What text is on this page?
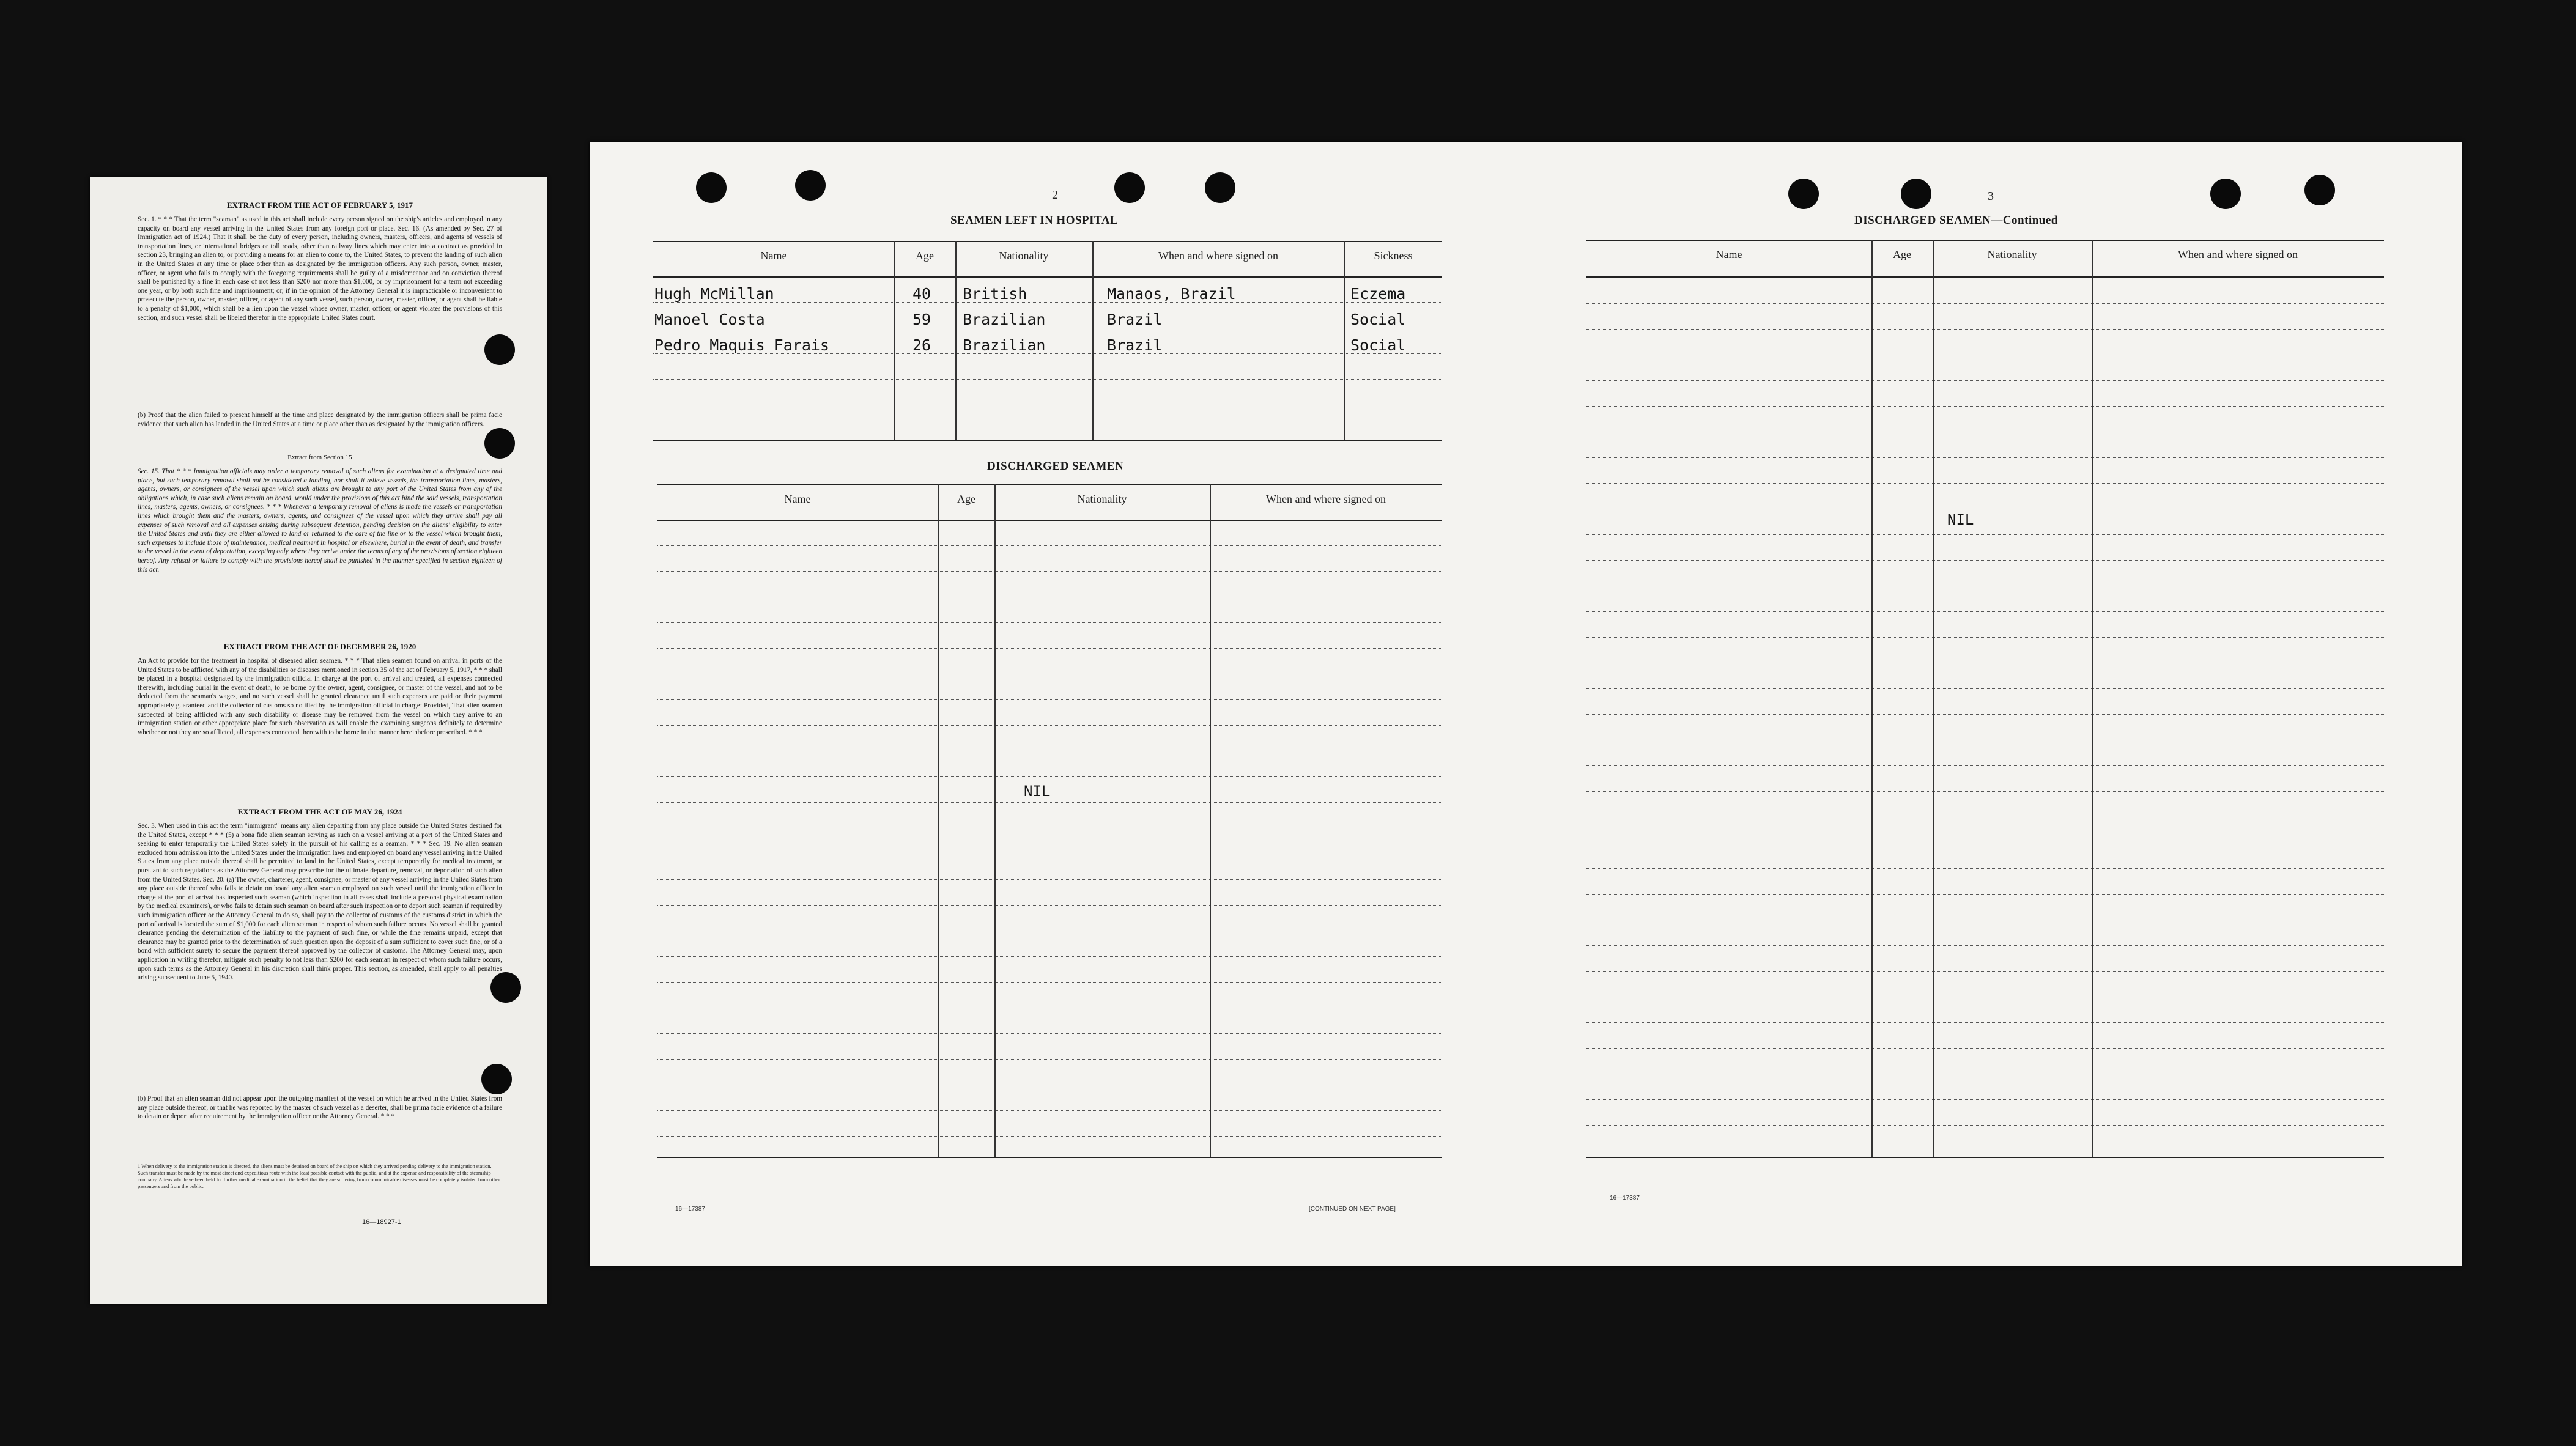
EXTRACT FROM THE ACT OF FEBRUARY 5, 1917
Sec. 1. * * * That the term "seaman" as used in this act shall include every person signed on the ship's articles and employed in any capacity on board any vessel arriving in the United States from any foreign port or place. Sec. 16. (As amended by Sec. 27 of Immigration act of 1924.) That it shall be the duty of every person, including owners, masters, officers, and agents of vessels of transportation lines, or international bridges or toll roads, other than railway lines which may enter into a contract as provided in section 23, bringing an alien to, or providing a means for an alien to come to, the United States, to prevent the landing of such alien in the United States at any time or place other than as designated by the immigration officers. Any such person, owner, master, officer, or agent who fails to comply with the foregoing requirements shall be guilty of a misdemeanor and on conviction thereof shall be punished by a fine in each case of not less than $200 nor more than $1,000, or by imprisonment for a term not exceeding one year, or by both such fine and imprisonment; or, if in the opinion of the Attorney General it is impracticable or inconvenient to prosecute the person, owner, master, officer, or agent of any such vessel, such person, owner, master, officer, or agent shall be liable to a penalty of $1,000, which shall be a lien upon the vessel whose owner, master, officer, or agent violates the provisions of this section, and such vessel shall be libeled therefor in the appropriate United States court.
(b) Proof that the alien failed to present himself at the time and place designated by the immigration officers shall be prima facie evidence that such alien has landed in the United States at a time or place other than as designated by the immigration officers.
Extract from Section 15
Sec. 15. That * * * Immigration officials may order a temporary removal of such aliens for examination at a designated time and place, but such temporary removal shall not be considered a landing, nor shall it relieve vessels, the transportation lines, masters, agents, owners, or consignees of the vessel upon which such aliens are brought to any port of the United States from any of the obligations which, in case such aliens remain on board, would under the provisions of this act bind the said vessels, transportation lines, masters, agents, owners, or consignees. * * * Whenever a temporary removal of aliens is made the vessels or transportation lines which brought them and the masters, owners, agents, and consignees of the vessel upon which they arrive shall pay all expenses of such removal and all expenses arising during subsequent detention, pending decision on the aliens' eligibility to enter the United States and until they are either allowed to land or returned to the care of the line or to the vessel which brought them, such expenses to include those of maintenance, medical treatment in hospital or elsewhere, burial in the event of death, and transfer to the vessel in the event of deportation, excepting only where they arrive under the terms of any of the provisions of section eighteen hereof. Any refusal or failure to comply with the provisions hereof shall be punished in the manner specified in section eighteen of this act.
EXTRACT FROM THE ACT OF DECEMBER 26, 1920
An Act to provide for the treatment in hospital of diseased alien seamen. * * * That alien seamen found on arrival in ports of the United States to be afflicted with any of the disabilities or diseases mentioned in section 35 of the act of February 5, 1917, * * * shall be placed in a hospital designated by the immigration official in charge at the port of arrival and treated, all expenses connected therewith, including burial in the event of death, to be borne by the owner, agent, consignee, or master of the vessel, and not to be deducted from the seaman's wages, and no such vessel shall be granted clearance until such expenses are paid or their payment appropriately guaranteed and the collector of customs so notified by the immigration official in charge: Provided, That alien seamen suspected of being afflicted with any such disability or disease may be removed from the vessel on which they arrive to an immigration station or other appropriate place for such observation as will enable the examining surgeons definitely to determine whether or not they are so afflicted, all expenses connected therewith to be borne in the manner hereinbefore prescribed. * * *
EXTRACT FROM THE ACT OF MAY 26, 1924
Sec. 3. When used in this act the term "immigrant" means any alien departing from any place outside the United States destined for the United States, except * * * (5) a bona fide alien seaman serving as such on a vessel arriving at a port of the United States and seeking to enter temporarily the United States solely in the pursuit of his calling as a seaman. * * * Sec. 19. No alien seaman excluded from admission into the United States under the immigration laws and employed on board any vessel arriving in the United States from any place outside thereof shall be permitted to land in the United States, except temporarily for medical treatment, or pursuant to such regulations as the Attorney General may prescribe for the ultimate departure, removal, or deportation of such alien from the United States. Sec. 20. (a) The owner, charterer, agent, consignee, or master of any vessel arriving in the United States from any place outside thereof who fails to detain on board any alien seaman employed on such vessel until the immigration officer in charge at the port of arrival has inspected such seaman (which inspection in all cases shall include a personal physical examination by the medical examiners), or who fails to detain such seaman on board after such inspection or to deport such seaman if required by such immigration officer or the Attorney General to do so, shall pay to the collector of customs of the customs district in which the port of arrival is located the sum of $1,000 for each alien seaman in respect of whom such failure occurs. No vessel shall be granted clearance pending the determination of the liability to the payment of such fine, or while the fine remains unpaid, except that clearance may be granted prior to the determination of such question upon the deposit of a sum sufficient to cover such fine, or of a bond with sufficient surety to secure the payment thereof approved by the collector of customs. The Attorney General may, upon application in writing therefor, mitigate such penalty to not less than $200 for each seaman in respect of whom such failure occurs, upon such terms as the Attorney General in his discretion shall think proper. This section, as amended, shall apply to all penalties arising subsequent to June 5, 1940.
(b) Proof that an alien seaman did not appear upon the outgoing manifest of the vessel on which he arrived in the United States from any place outside thereof, or that he was reported by the master of such vessel as a deserter, shall be prima facie evidence of a failure to detain or deport after requirement by the immigration officer or the Attorney General. * * *
1 When delivery to the immigration station is directed, the aliens must be detained on board of the ship on which they arrived pending delivery to the immigration station. Such transfer must be made by the most direct and expeditious route with the least possible contact with the public, and at the expense and responsibility of the steamship company. Aliens who have been held for further medical examination in the belief that they are suffering from communicable diseases must be completely isolated from other passengers and from the public.
16—18927-1
2
SEAMEN LEFT IN HOSPITAL
Name	Age	Nationality	When and where signed on	Sickness
Hugh McMillan	40 British	Manaos, Brazil	Eczema
Manoel Costa	59 Brazilian	Brazil	Social
Pedro Maquis Farais	26 Brazilian	Brazil	Social
DISCHARGED SEAMEN
Name	Age	Nationality	When and where signed on
NIL
16—17387	[CONTINUED ON NEXT PAGE]
3
DISCHARGED SEAMEN—Continued
Name	Age	Nationality	When and where signed on
NIL
16—17387
